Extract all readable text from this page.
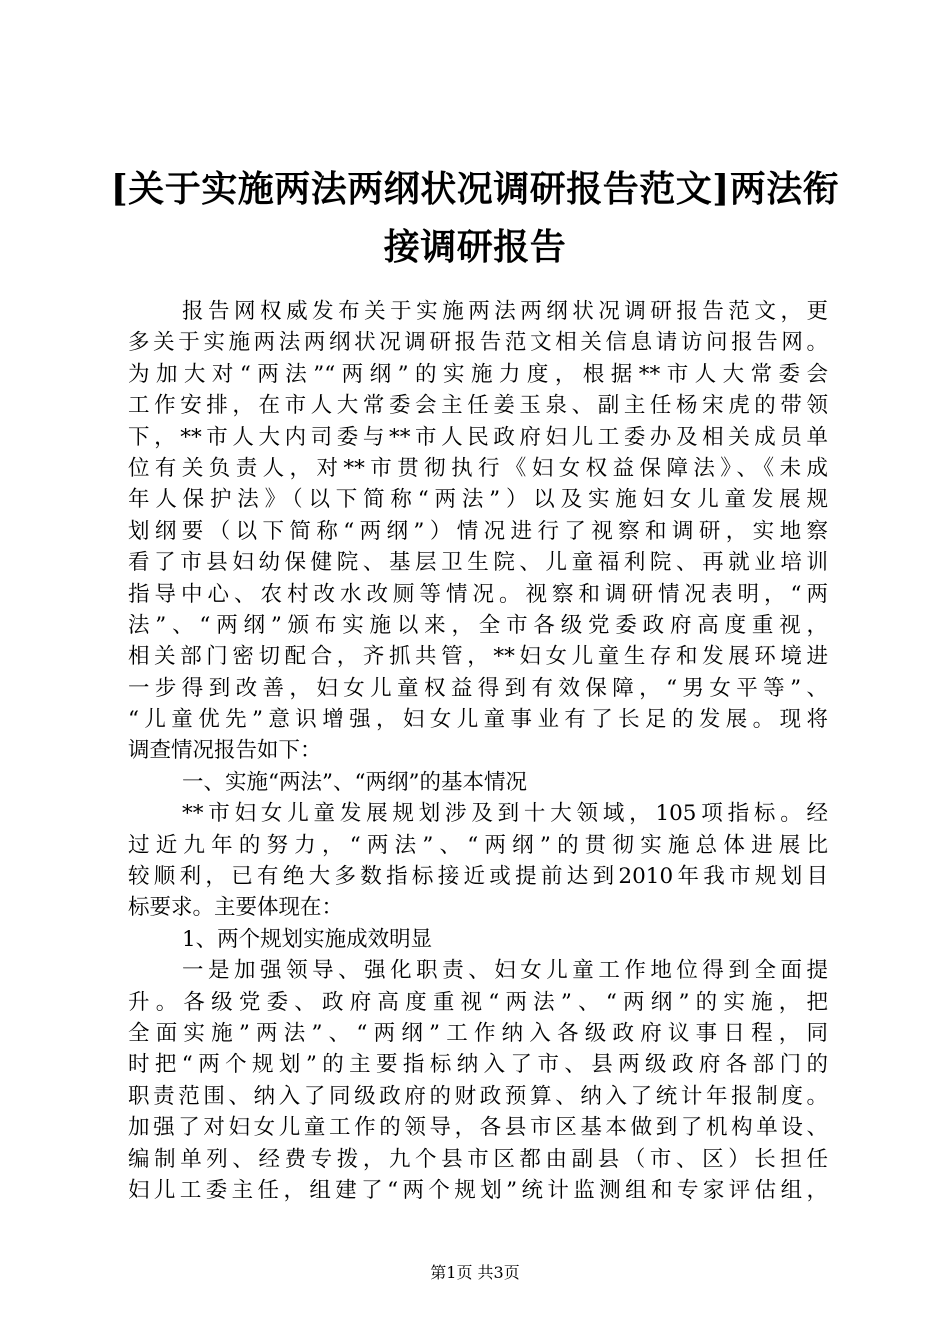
[关于实施两法两纲状况调研报告范文]两法衔
接调研报告
报告网权威发布关于实施两法两纲状况调研报告范文，更
多关于实施两法两纲状况调研报告范文相关信息请访问报告网。
为加大对“两法”“两纲”的实施力度，根据**市人大常委会
工作安排，在市人大常委会主任姜玉泉、副主任杨宋虎的带领
下，**市人大内司委与**市人民政府妇儿工委办及相关成员单
位有关负责人，对**市贯彻执行《妇女权益保障法》、《未成
年人保护法》（以下简称“两法”）以及实施妇女儿童发展规
划纲要（以下简称“两纲”）情况进行了视察和调研，实地察
看了市县妇幼保健院、基层卫生院、儿童福利院、再就业培训
指导中心、农村改水改厕等情况。视察和调研情况表明，“两
法”、“两纲”颁布实施以来，全市各级党委政府高度重视，
相关部门密切配合，齐抓共管，**妇女儿童生存和发展环境进
一步得到改善，妇女儿童权益得到有效保障，“男女平等”、
“儿童优先”意识增强，妇女儿童事业有了长足的发展。现将
调查情况报告如下：
一、实施“两法”、“两纲”的基本情况
**市妇女儿童发展规划涉及到十大领域，105项指标。经
过近九年的努力，“两法”、“两纲”的贯彻实施总体进展比
较顺利，已有绝大多数指标接近或提前达到2010年我市规划目
标要求。主要体现在：
1、两个规划实施成效明显
一是加强领导、强化职责、妇女儿童工作地位得到全面提
升。各级党委、政府高度重视“两法”、“两纲”的实施，把
全面实施”两法”、“两纲”工作纳入各级政府议事日程，同
时把“两个规划”的主要指标纳入了市、县两级政府各部门的
职责范围、纳入了同级政府的财政预算、纳入了统计年报制度。
加强了对妇女儿童工作的领导，各县市区基本做到了机构单设、
编制单列、经费专拨，九个县市区都由副县（市、区）长担任
妇儿工委主任，组建了“两个规划”统计监测组和专家评估组，
第1页 共3页
